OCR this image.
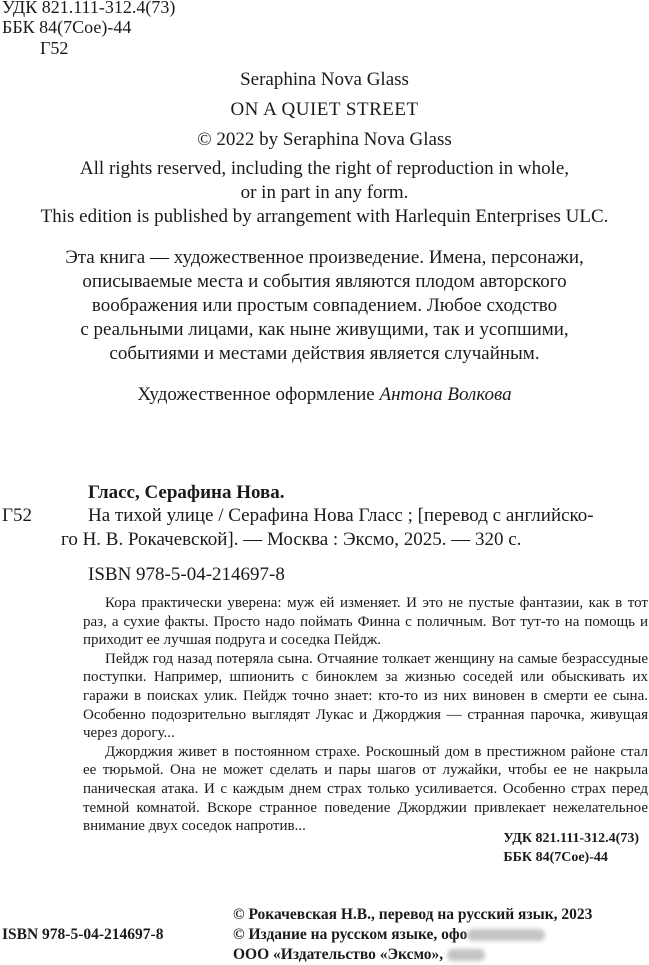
УДК 821.111-312.4(73)
ББК 84(7Сое)-44
Г52
Seraphina Nova Glass
ON A QUIET STREET
© 2022 by Seraphina Nova Glass
All rights reserved, including the right of reproduction in whole,
or in part in any form.
This edition is published by arrangement with Harlequin Enterprises ULC.
Эта книга — художественное произведение. Имена, персонажи,
описываемые места и события являются плодом авторского
воображения или простым совпадением. Любое сходство
с реальными лицами, как ныне живущими, так и усопшими,
событиями и местами действия является случайным.
Художественное оформление Антона Волкова
Гласс, Серафина Нова.
Г52	На тихой улице / Серафина Нова Гласс ; [перевод с английско-
го Н. В. Рокачевской]. — Москва : Эксмо, 2025. — 320 с.
ISBN 978-5-04-214697-8

Кора практически уверена: муж ей изменяет. И это не пустые фантазии, как в тот раз, а сухие факты. Просто надо поймать Финна с поличным. Вот тут-то на помощь и приходит ее лучшая подруга и соседка Пейдж.

Пейдж год назад потеряла сына. Отчаяние толкает женщину на самые безрассудные поступки. Например, шпионить с биноклем за жизнью соседей или обыскивать их гаражи в поисках улик. Пейдж точно знает: кто-то из них виновен в смерти ее сына. Особенно подозрительно выглядят Лукас и Джорджия — странная парочка, живущая через дорогу...

Джорджия живет в постоянном страхе. Роскошный дом в престижном районе стал ее тюрьмой. Она не может сделать и пары шагов от лужайки, чтобы ее не накрыла паническая атака. И с каждым днем страх только усиливается. Особенно страх перед темной комнатой. Вскоре странное поведение Джорджии привлекает нежелательное внимание двух соседок напротив...

УДК 821.111-312.4(73)
ББК 84(7Сое)-44
ISBN 978-5-04-214697-8
© Рокачевская Н.В., перевод на русский язык, 2023
© Издание на русском языке, офо
ООО «Издательство «Эксмо»,
